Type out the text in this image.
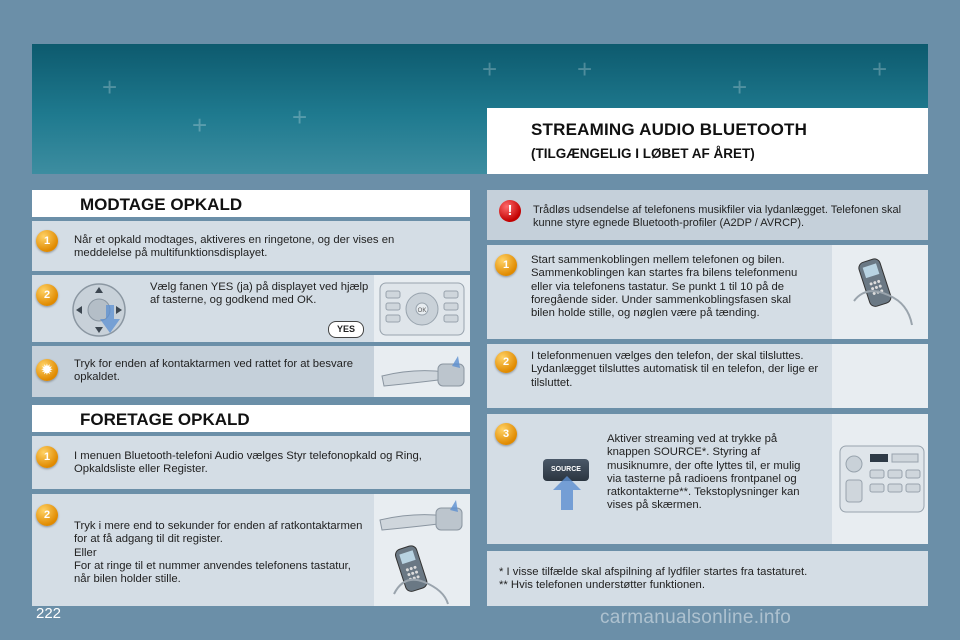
+
+
+	+
+
+
+
STREAMING AUDIO BLUETOOTH
(TILGÆNGELIG I LØBET AF ÅRET)
MODTAGE OPKALD
1	Når et opkald modtages, aktiveres en ringetone, og der vises en meddelelse på multifunktionsdisplayet.
2
Vælg fanen YES (ja) på displayet ved hjælp af tasterne, og godkend med OK.
YES
OK
✹	Tryk for enden af kontaktarmen ved rattet for at besvare opkaldet.
FORETAGE OPKALD
1	I menuen Bluetooth-telefoni Audio vælges Styr telefonopkald og Ring, Opkaldsliste eller Register.
2
Tryk i mere end to sekunder for enden af ratkontaktarmen for at få adgang til dit register.
Eller
For at ringe til et nummer anvendes telefonens tastatur, når bilen holder stille.
!	Trådløs udsendelse af telefonens musikfiler via lydanlægget. Telefonen skal kunne styre egnede Bluetooth-profiler (A2DP / AVRCP).
1	Start sammenkoblingen mellem telefonen og bilen. Sammenkoblingen kan startes fra bilens telefonmenu eller via telefonens tastatur. Se punkt 1 til 10 på de foregående sider. Under sammenkoblingsfasen skal bilen holde stille, og nøglen være på tænding.
2	I telefonmenuen vælges den telefon, der skal tilsluttes.
Lydanlægget tilsluttes automatisk til en telefon, der lige er tilsluttet.
3
SOURCE
Aktiver streaming ved at trykke på knappen SOURCE*. Styring af musiknumre, der ofte lyttes til, er mulig via tasterne på radioens frontpanel og ratkontakterne**. Tekstoplysninger kan vises på skærmen.
* I visse tilfælde skal afspilning af lydfiler startes fra tastaturet.
** Hvis telefonen understøtter funktionen.
222	carmanualsonline.info
